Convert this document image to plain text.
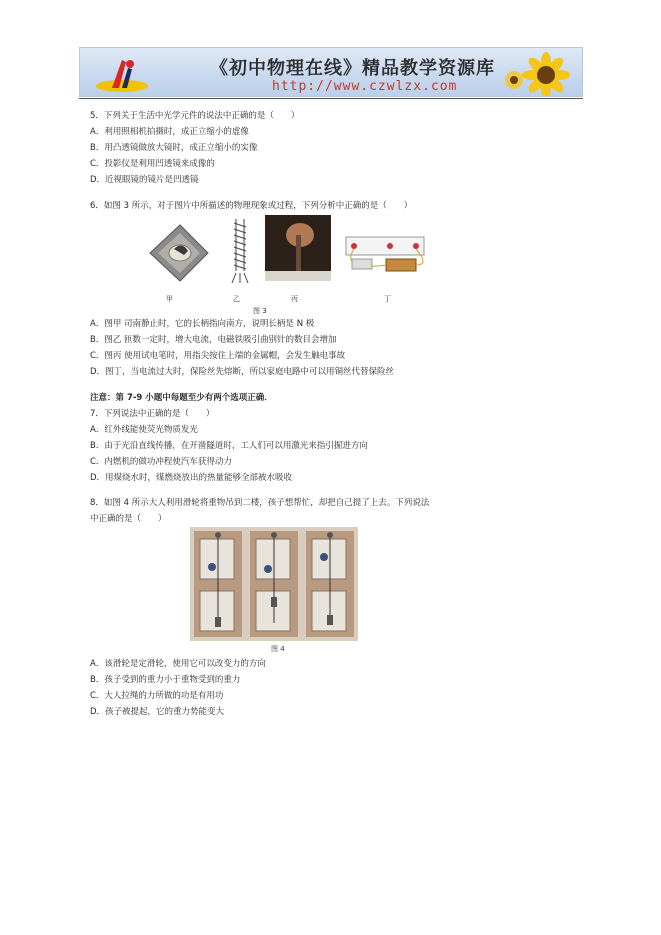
《初中物理在线》精品教学资源库
http://www.czwlzx.com
5．下列关于生活中光学元件的说法中正确的是（　　）
A．利用照相机拍摄时，成正立缩小的虚像
B．用凸透镜做放大镜时，成正立缩小的实像
C．投影仪是利用凹透镜来成像的
D．近视眼镜的镜片是凹透镜
6．如图 3 所示，对于图片中所描述的物理现象或过程，下列分析中正确的是（　　）
甲	乙	丙	丁
图 3
A．图甲 司南静止时，它的长柄指向南方，说明长柄是 N 极
B．图乙 匝数一定时，增大电流，电磁铁吸引曲别针的数目会增加
C．图丙 使用试电笔时，用指尖按住上端的金属帽，会发生触电事故
D．图丁，当电流过大时，保险丝先熔断，所以家庭电路中可以用铜丝代替保险丝
注意：第 7-9 小题中每题至少有两个选项正确．
7．下列说法中正确的是（　　）
A．红外线能使荧光物质发光
B．由于光沿直线传播，在开凿隧道时，工人们可以用激光来指引掘进方向
C．内燃机的做功冲程使汽车获得动力
D．用煤烧水时，煤燃烧放出的热量能够全部被水吸收
8．如图 4 所示大人利用滑轮将重物吊到二楼，孩子想帮忙，却把自己提了上去。下列说法
中正确的是（　　）
图 4
A．该滑轮是定滑轮，使用它可以改变力的方向
B．孩子受到的重力小于重物受到的重力
C．大人拉绳的力所做的功是有用功
D．孩子被提起，它的重力势能变大
